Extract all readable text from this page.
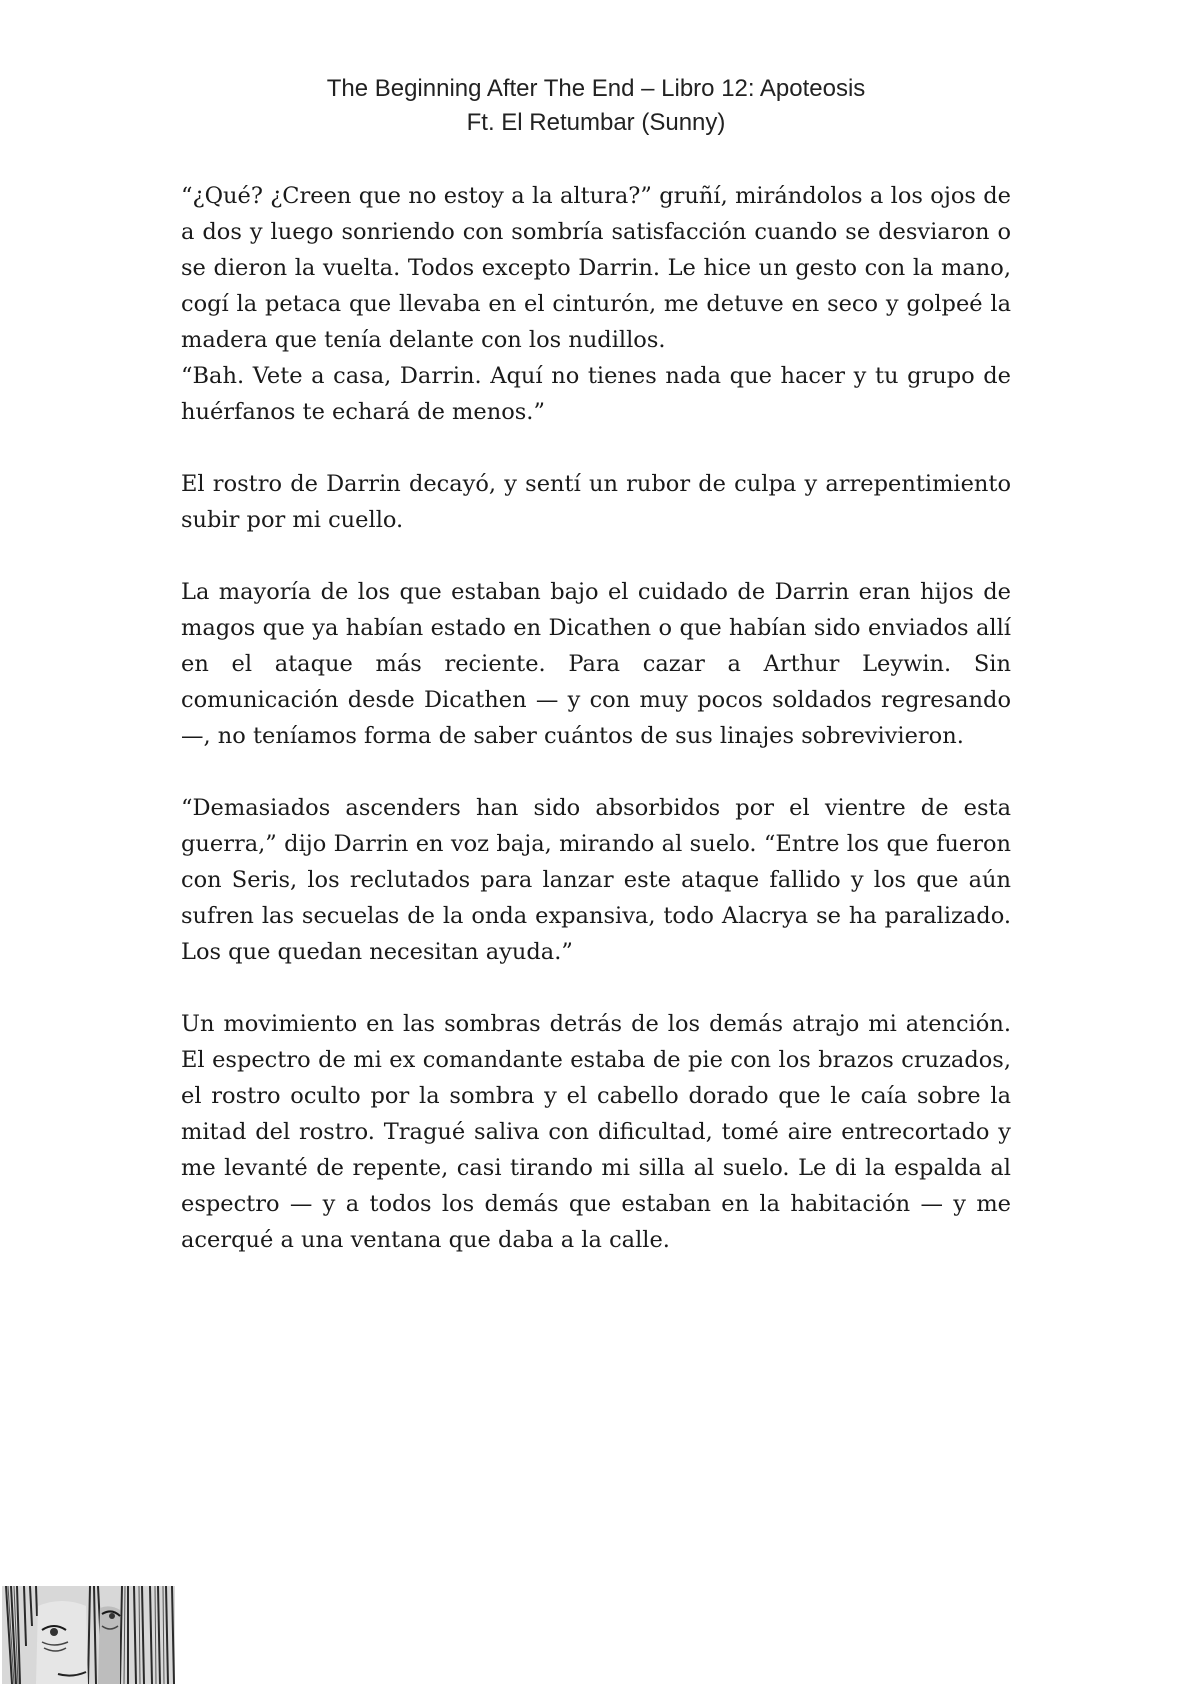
The Beginning After The End – Libro 12: Apoteosis
Ft. El Retumbar (Sunny)

“¿Qué? ¿Creen que no estoy a la altura?” gruñí, mirándolos a los ojos de a dos y luego sonriendo con sombría satisfacción cuando se desviaron o se dieron la vuelta. Todos excepto Darrin. Le hice un gesto con la mano, cogí la petaca que llevaba en el cinturón, me detuve en seco y golpeé la madera que tenía delante con los nudillos.

“Bah. Vete a casa, Darrin. Aquí no tienes nada que hacer y tu grupo de huérfanos te echará de menos.”

El rostro de Darrin decayó, y sentí un rubor de culpa y arrepentimiento subir por mi cuello.

La mayoría de los que estaban bajo el cuidado de Darrin eran hijos de magos que ya habían estado en Dicathen o que habían sido enviados allí en el ataque más reciente. Para cazar a Arthur Leywin. Sin comunicación desde Dicathen — y con muy pocos soldados regresando —, no teníamos forma de saber cuántos de sus linajes sobrevivieron.

“Demasiados ascenders han sido absorbidos por el vientre de esta guerra,” dijo Darrin en voz baja, mirando al suelo. “Entre los que fueron con Seris, los reclutados para lanzar este ataque fallido y los que aún sufren las secuelas de la onda expansiva, todo Alacrya se ha paralizado. Los que quedan necesitan ayuda.”

Un movimiento en las sombras detrás de los demás atrajo mi atención. El espectro de mi ex comandante estaba de pie con los brazos cruzados, el rostro oculto por la sombra y el cabello dorado que le caía sobre la mitad del rostro. Tragué saliva con dificultad, tomé aire entrecortado y me levanté de repente, casi tirando mi silla al suelo. Le di la espalda al espectro — y a todos los demás que estaban en la habitación — y me acerqué a una ventana que daba a la calle.
